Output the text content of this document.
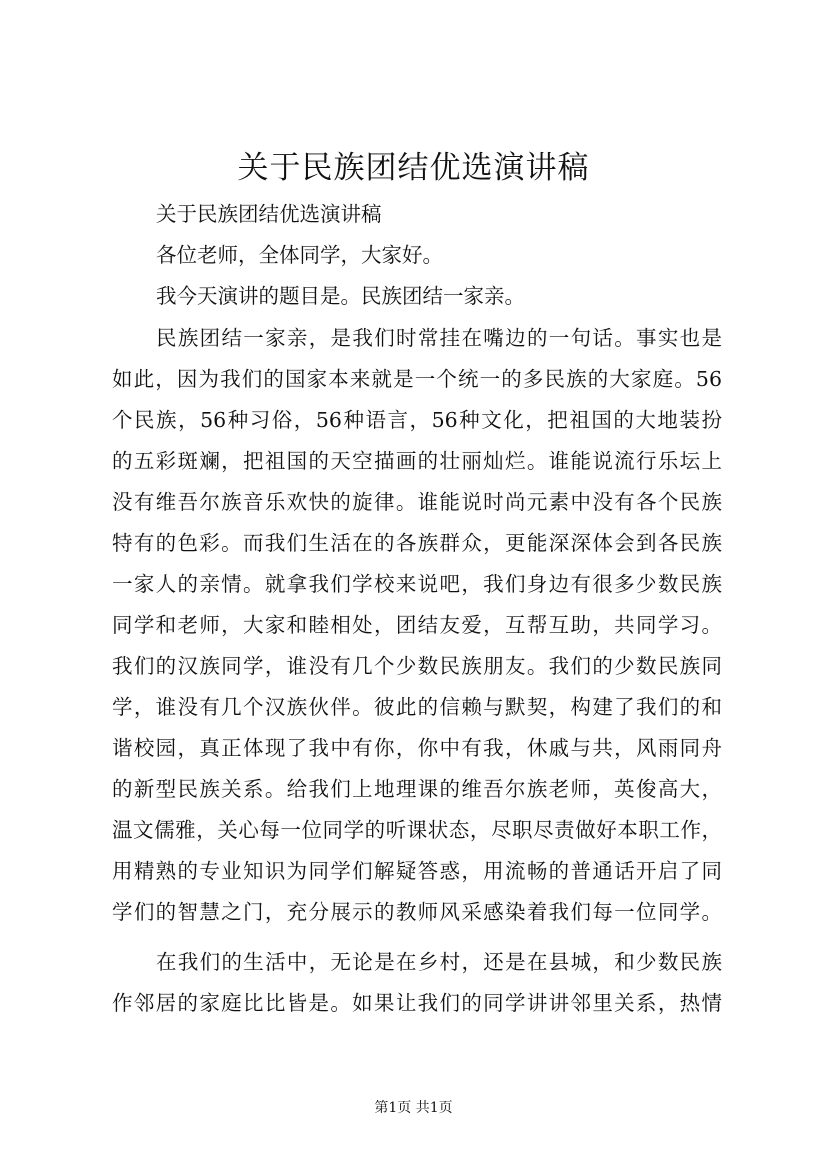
关于民族团结优选演讲稿
关于民族团结优选演讲稿
各位老师，全体同学，大家好。
我今天演讲的题目是。民族团结一家亲。
民族团结一家亲，是我们时常挂在嘴边的一句话。事实也是
如此，因为我们的国家本来就是一个统一的多民族的大家庭。56
个民族，56种习俗，56种语言，56种文化，把祖国的大地装扮
的五彩斑斓，把祖国的天空描画的壮丽灿烂。谁能说流行乐坛上
没有维吾尔族音乐欢快的旋律。谁能说时尚元素中没有各个民族
特有的色彩。而我们生活在的各族群众，更能深深体会到各民族
一家人的亲情。就拿我们学校来说吧，我们身边有很多少数民族
同学和老师，大家和睦相处，团结友爱，互帮互助，共同学习。
我们的汉族同学，谁没有几个少数民族朋友。我们的少数民族同
学，谁没有几个汉族伙伴。彼此的信赖与默契，构建了我们的和
谐校园，真正体现了我中有你，你中有我，休戚与共，风雨同舟
的新型民族关系。给我们上地理课的维吾尔族老师，英俊高大，
温文儒雅，关心每一位同学的听课状态，尽职尽责做好本职工作，
用精熟的专业知识为同学们解疑答惑，用流畅的普通话开启了同
学们的智慧之门，充分展示的教师风采感染着我们每一位同学。
在我们的生活中，无论是在乡村，还是在县城，和少数民族
作邻居的家庭比比皆是。如果让我们的同学讲讲邻里关系，热情
第1页 共1页
